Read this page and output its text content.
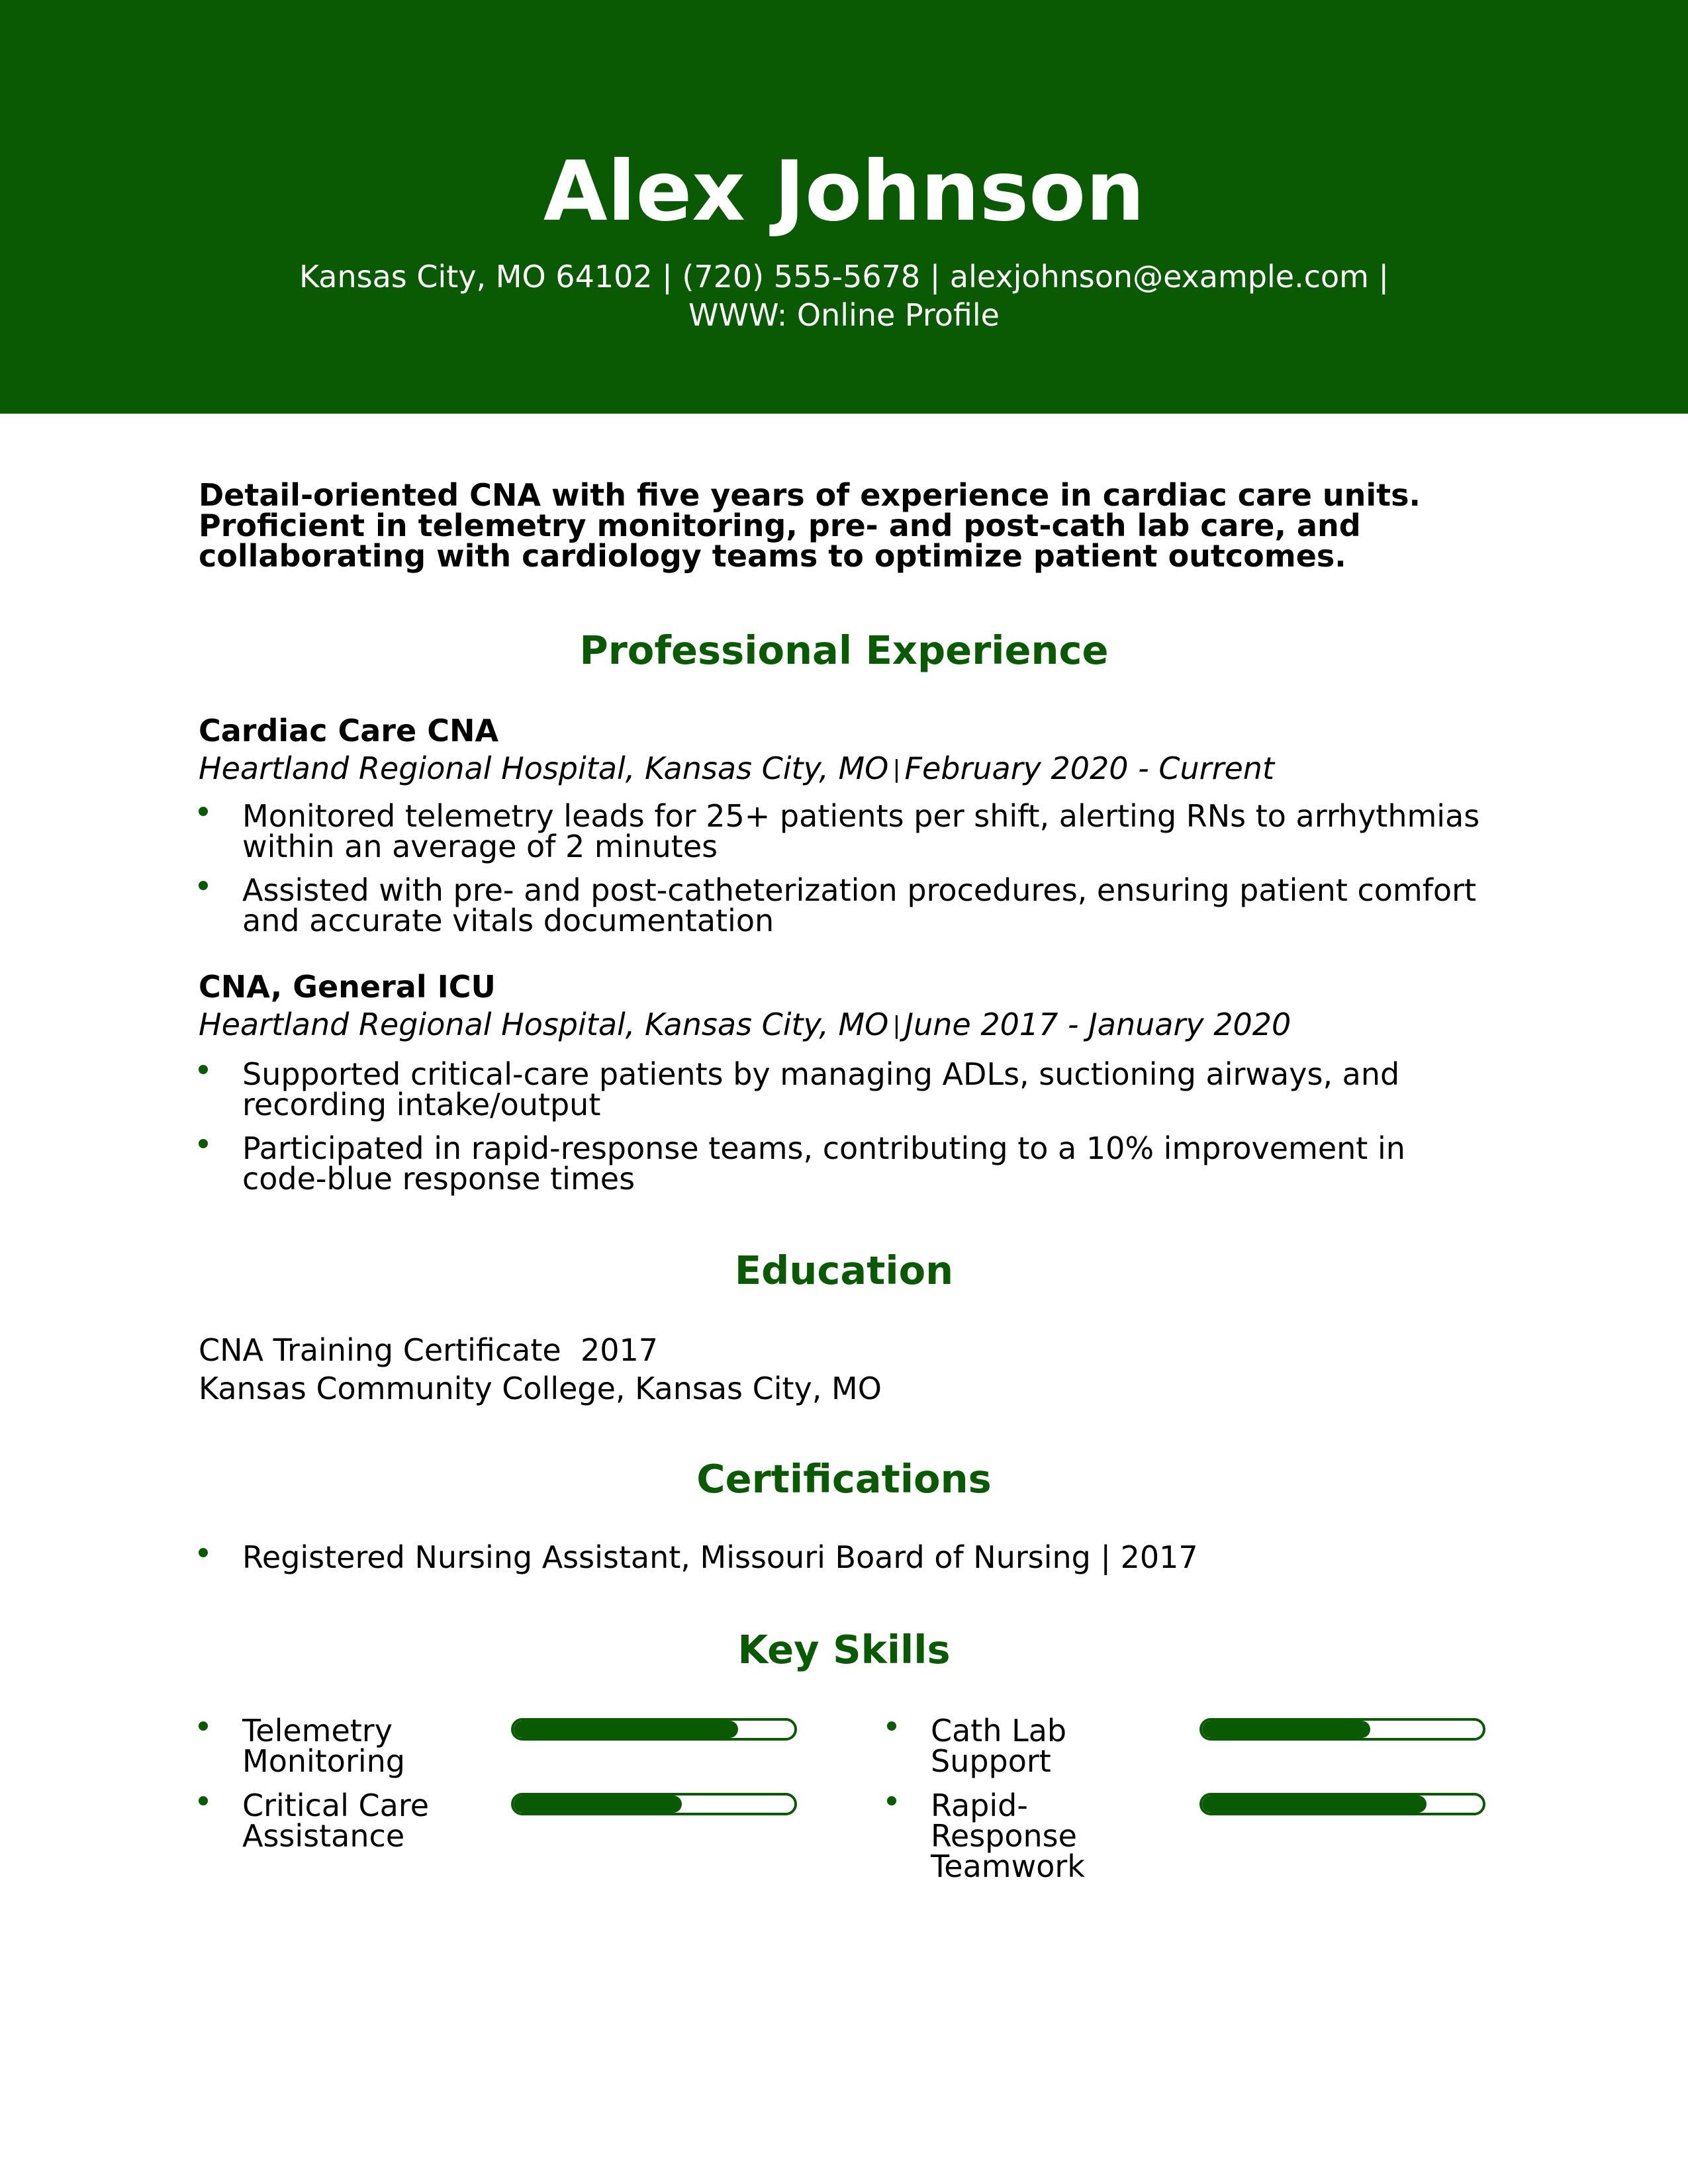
Alex Johnson
Kansas City, MO 64102 | (720) 555-5678 | alexjohnson@example.com |
WWW: Online Profile

Detail-oriented CNA with five years of experience in cardiac care units. Proficient in telemetry monitoring, pre- and post-cath lab care, and collaborating with cardiology teams to optimize patient outcomes.

Professional Experience
Cardiac Care CNA
Heartland Regional Hospital, Kansas City, MO | February 2020 - Current
Monitored telemetry leads for 25+ patients per shift, alerting RNs to arrhythmias within an average of 2 minutes
Assisted with pre- and post-catheterization procedures, ensuring patient comfort and accurate vitals documentation
CNA, General ICU
Heartland Regional Hospital, Kansas City, MO | June 2017 - January 2020
Supported critical-care patients by managing ADLs, suctioning airways, and recording intake/output
Participated in rapid-response teams, contributing to a 10% improvement in code-blue response times
Education
CNA Training Certificate 2017
Kansas Community College, Kansas City, MO
Certifications
Registered Nursing Assistant, Missouri Board of Nursing | 2017
Key Skills
Telemetry Monitoring
Cath Lab Support
Critical Care Assistance
Rapid-Response Teamwork
